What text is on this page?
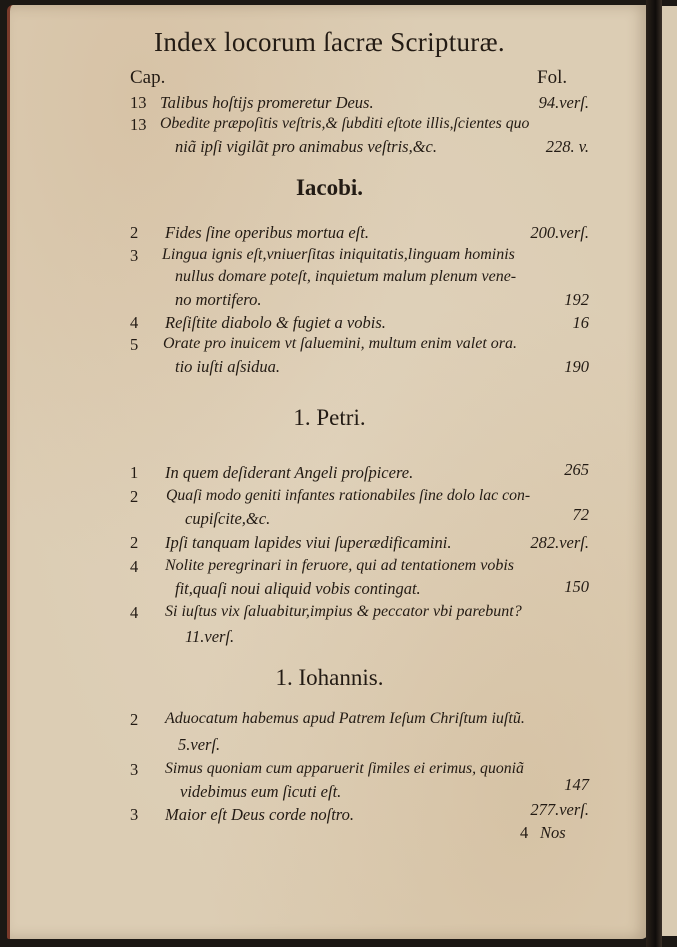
Index locorum ſacræ Scripturæ.
Cap.	Fol.
13 Talibus hoſtijs promeretur Deus.	94.verſ.
13 Obedite præpoſitis veſtris,& ſubditi eſtote illis,ſcientes quo
niã ipſi vigilãt pro animabus veſtris,&c.	228. v.
Iacobi.
2 Fides ſine operibus mortua eſt.	200.verſ.
3 Lingua ignis eſt,vniuerſitas iniquitatis,linguam hominis
nullus domare poteſt, inquietum malum plenum vene-
no mortifero.	192
4 Reſiſtite diabolo & fugiet a vobis.	16
5 Orate pro inuicem vt ſaluemini, multum enim valet ora.
tio iuſti aſsidua.	190
1. Petri.
1 In quem deſiderant Angeli proſpicere.	265
2 Quaſi modo geniti infantes rationabiles ſine dolo lac con-
cupiſcite,&c.	72
2 Ipſi tanquam lapides viui ſuperædificamini.	282.verſ.
4 Nolite peregrinari in feruore, qui ad tentationem vobis
fit,quaſi noui aliquid vobis contingat.	150
4 Si iuſtus vix ſaluabitur,impius & peccator vbi parebunt?
11.verſ.
1. Iohannis.
2 Aduocatum habemus apud Patrem Ieſum Chriſtum iuſtũ.
5.verſ.
3 Simus quoniam cum apparuerit ſimiles ei erimus, quoniã
videbimus eum ſicuti eſt.	147
3 Maior eſt Deus corde noſtro.	277.verſ.
4 Nos
